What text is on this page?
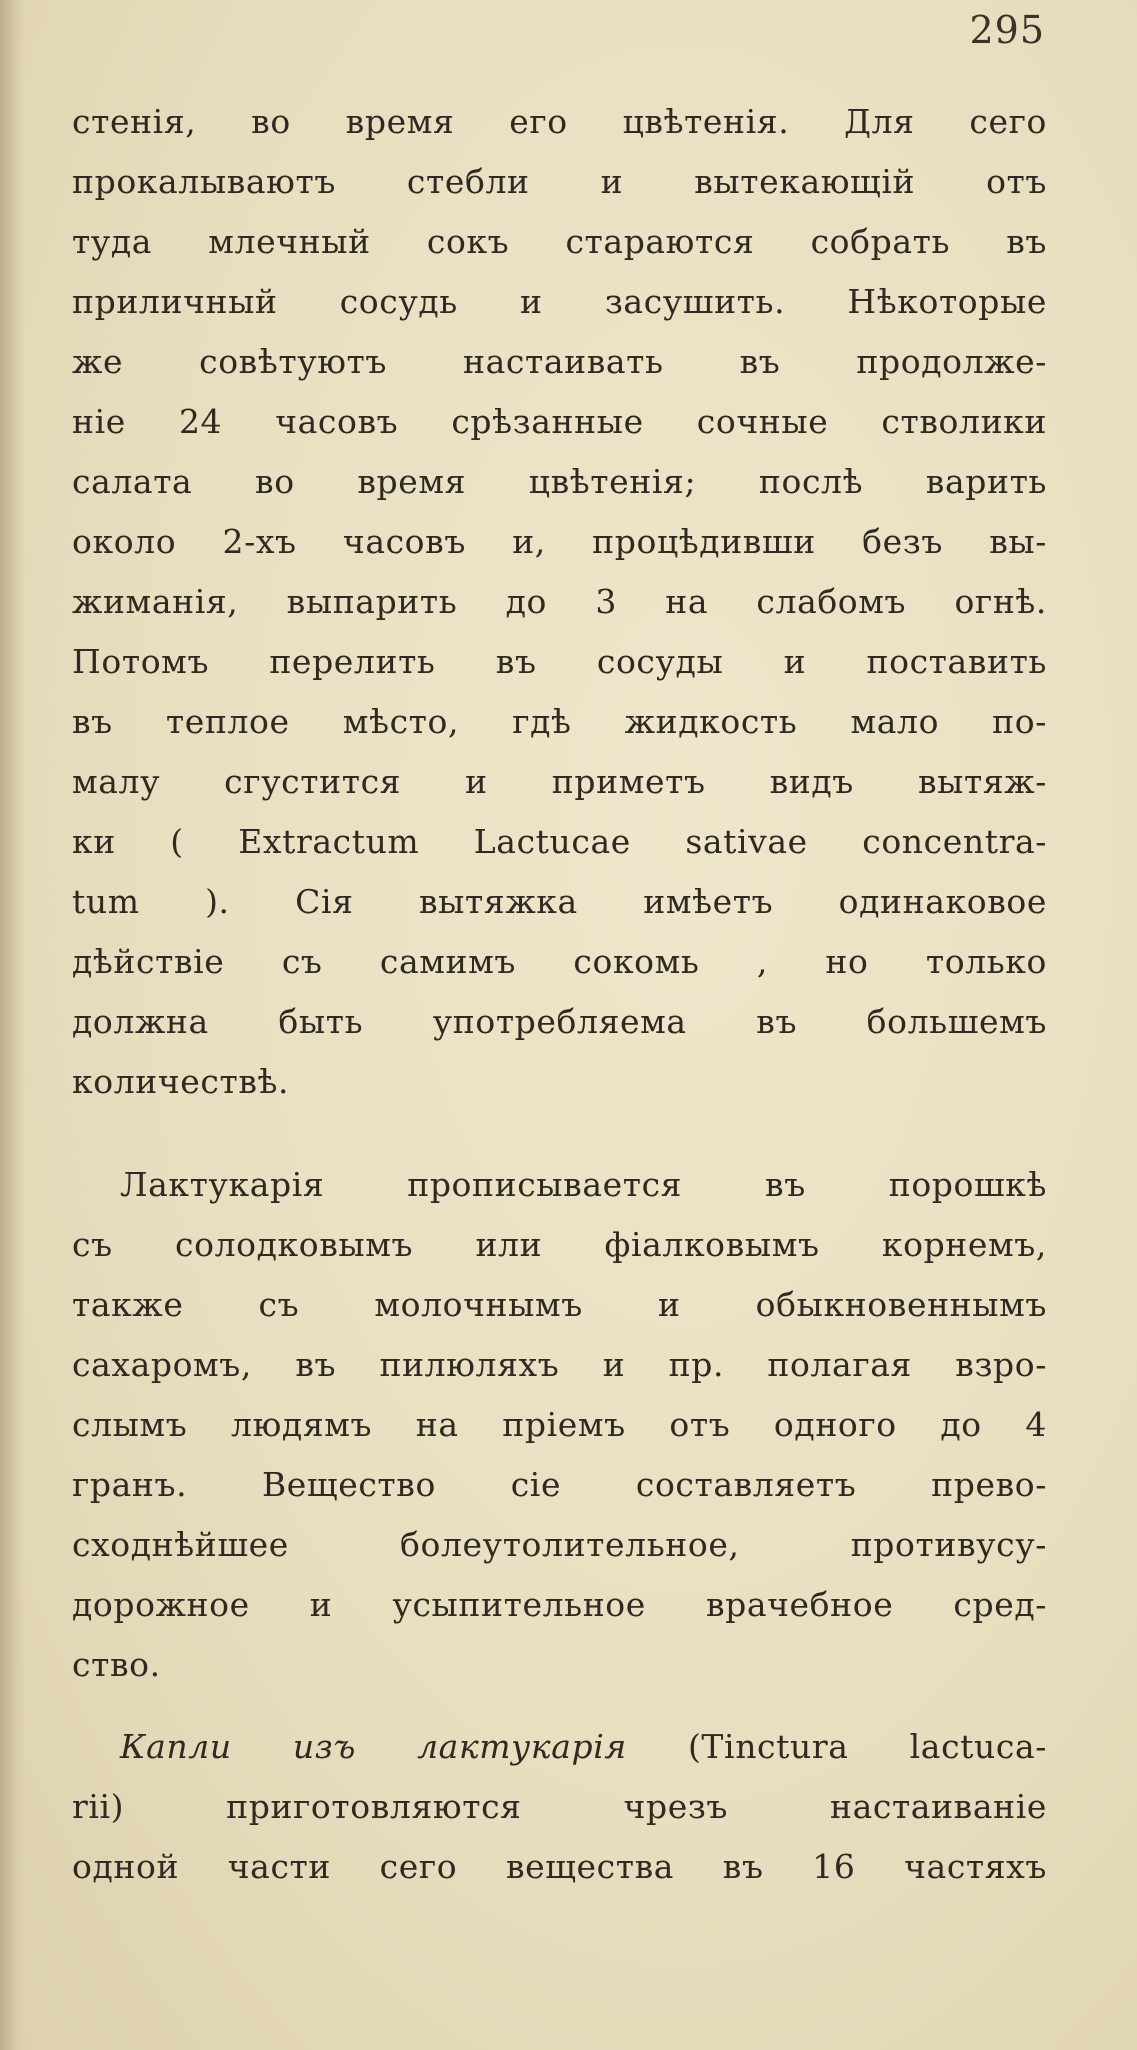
295
стенія, во время его цвѣтенія. Для сего
прокалываютъ стебли и вытекающій отъ
туда млечный сокъ стараются собрать въ
приличный сосудь и засушить. Нѣкоторые
же совѣтуютъ настаивать въ продолже-
ніе 24 часовъ срѣзанные сочные стволики
салата во время цвѣтенія; послѣ варить
около 2-хъ часовъ и, процѣдивши безъ вы-
жиманія, выпарить до 3 на слабомъ огнѣ.
Потомъ перелить въ сосуды и поставить
въ теплое мѣсто, гдѣ жидкость мало по-
малу сгустится и приметъ видъ вытяж-
ки ( Extractum Lactucae sativae concentra-
tum ). Сія вытяжка имѣетъ одинаковое
дѣйствіе съ самимъ сокомь , но только
должна быть употребляема въ большемъ
количествѣ.
Лактукарія прописывается въ порошкѣ
съ солодковымъ или фіалковымъ корнемъ,
также съ молочнымъ и обыкновеннымъ
сахаромъ, въ пилюляхъ и пр. полагая взро-
слымъ людямъ на пріемъ отъ одного до 4
гранъ. Вещество сіе составляетъ прево-
сходнѣйшее болеутолительное, противусу-
дорожное и усыпительное врачебное сред-
ство.
Капли изъ лактукарія (Tinctura lactuca-
rii) приготовляются чрезъ настаиваніе
одной части сего вещества въ 16 частяхъ
